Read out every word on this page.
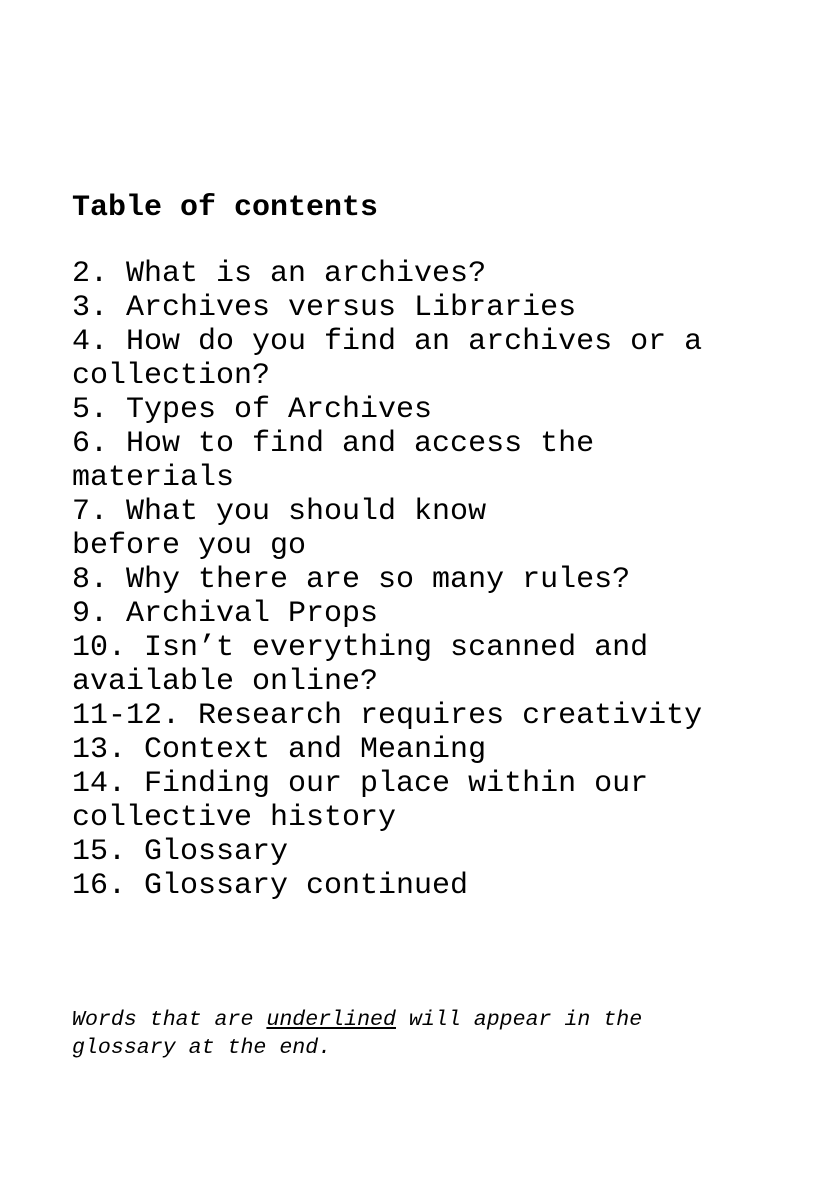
Table of contents
2. What is an archives?
3. Archives versus Libraries
4. How do you find an archives or a
collection?
5. Types of Archives
6. How to find and access the
materials
7. What you should know
before you go
8. Why there are so many rules?
9. Archival Props
10. Isn’t everything scanned and
available online?
11-12. Research requires creativity
13. Context and Meaning
14. Finding our place within our
collective history
15. Glossary
16. Glossary continued

Words that are underlined will appear in the
glossary at the end.
